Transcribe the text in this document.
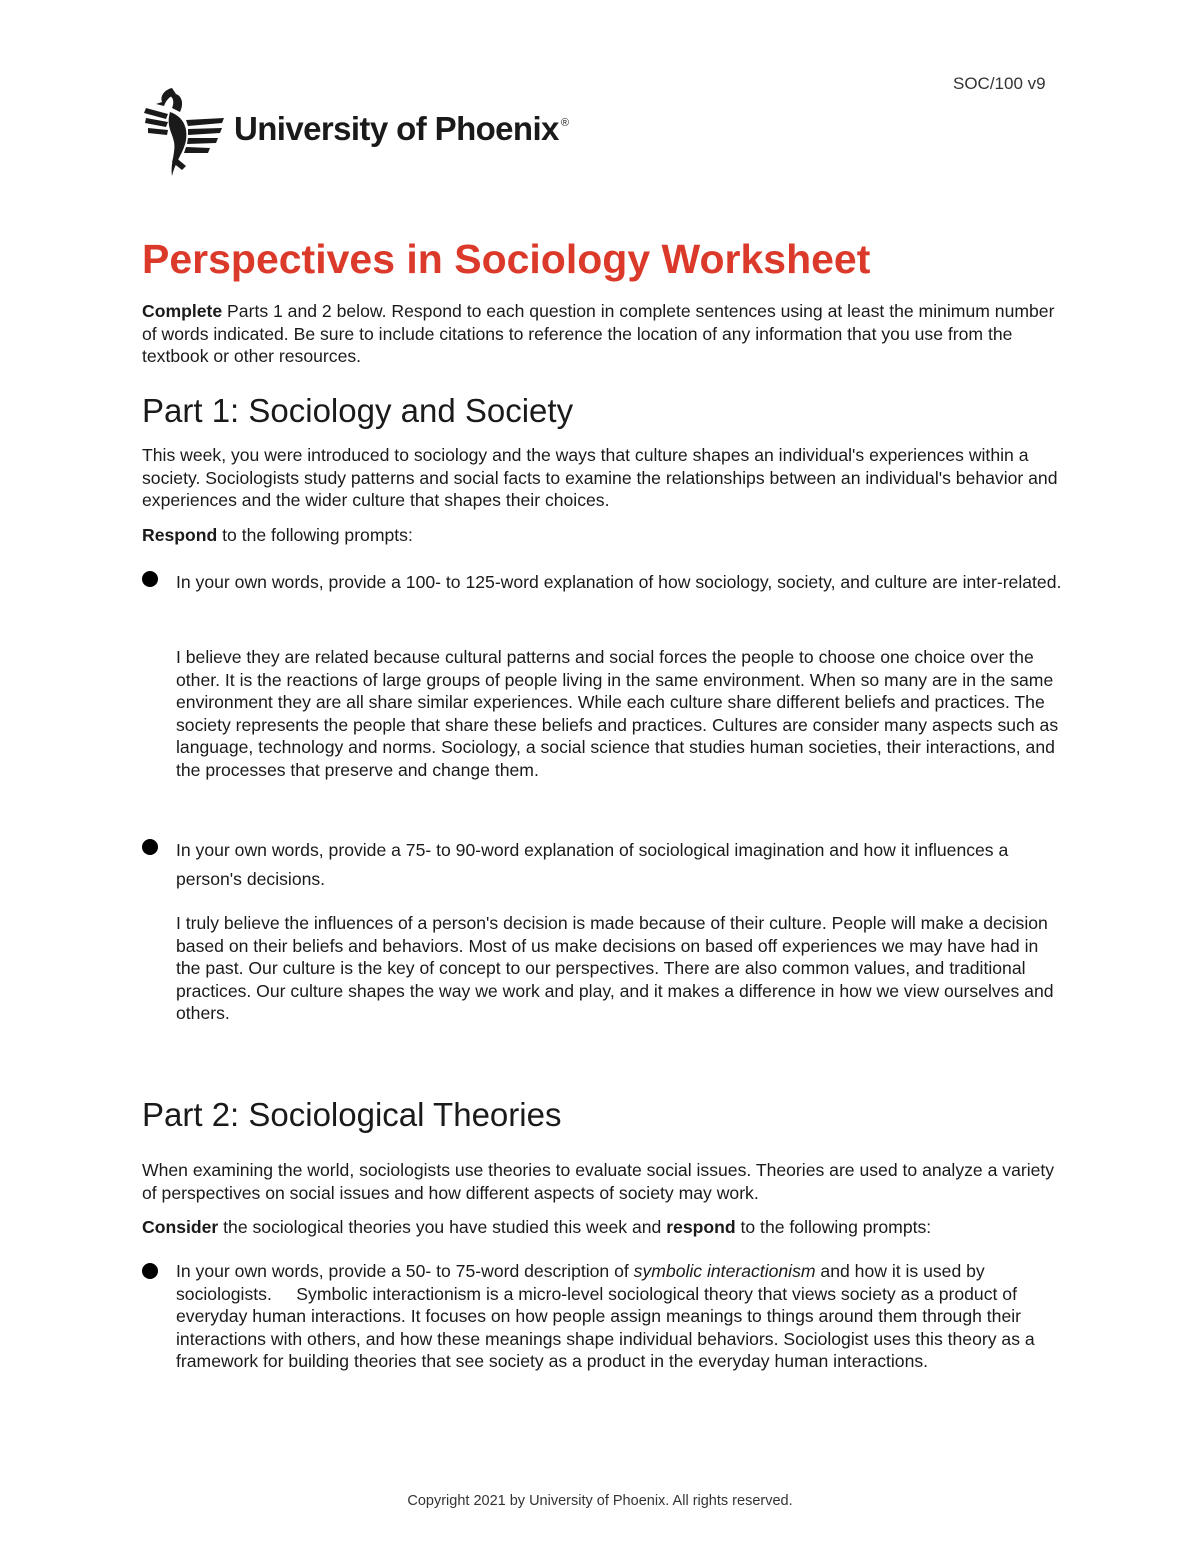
SOC/100 v9
University of Phoenix ®
Perspectives in Sociology Worksheet
Complete Parts 1 and 2 below. Respond to each question in complete sentences using at least the minimum number of words indicated. Be sure to include citations to reference the location of any information that you use from the textbook or other resources.
Part 1: Sociology and Society
This week, you were introduced to sociology and the ways that culture shapes an individual's experiences within a society. Sociologists study patterns and social facts to examine the relationships between an individual's behavior and experiences and the wider culture that shapes their choices.
Respond to the following prompts:
In your own words, provide a 100- to 125-word explanation of how sociology, society, and culture are inter-related.
I believe they are related because cultural patterns and social forces the people to choose one choice over the other. It is the reactions of large groups of people living in the same environment. When so many are in the same environment they are all share similar experiences. While each culture share different beliefs and practices. The society represents the people that share these beliefs and practices. Cultures are consider many aspects such as language, technology and norms. Sociology, a social science that studies human societies, their interactions, and the processes that preserve and change them.
In your own words, provide a 75- to 90-word explanation of sociological imagination and how it influences a person's decisions.
I truly believe the influences of a person's decision is made because of their culture. People will make a decision based on their beliefs and behaviors. Most of us make decisions on based off experiences we may have had in the past. Our culture is the key of concept to our perspectives. There are also common values, and traditional practices. Our culture shapes the way we work and play, and it makes a difference in how we view ourselves and others.
Part 2: Sociological Theories
When examining the world, sociologists use theories to evaluate social issues. Theories are used to analyze a variety of perspectives on social issues and how different aspects of society may work.
Consider the sociological theories you have studied this week and respond to the following prompts:
In your own words, provide a 50- to 75-word description of symbolic interactionism and how it is used by sociologists. Symbolic interactionism is a micro-level sociological theory that views society as a product of everyday human interactions. It focuses on how people assign meanings to things around them through their interactions with others, and how these meanings shape individual behaviors. Sociologist uses this theory as a framework for building theories that see society as a product in the everyday human interactions.
Copyright 2021 by University of Phoenix. All rights reserved.
